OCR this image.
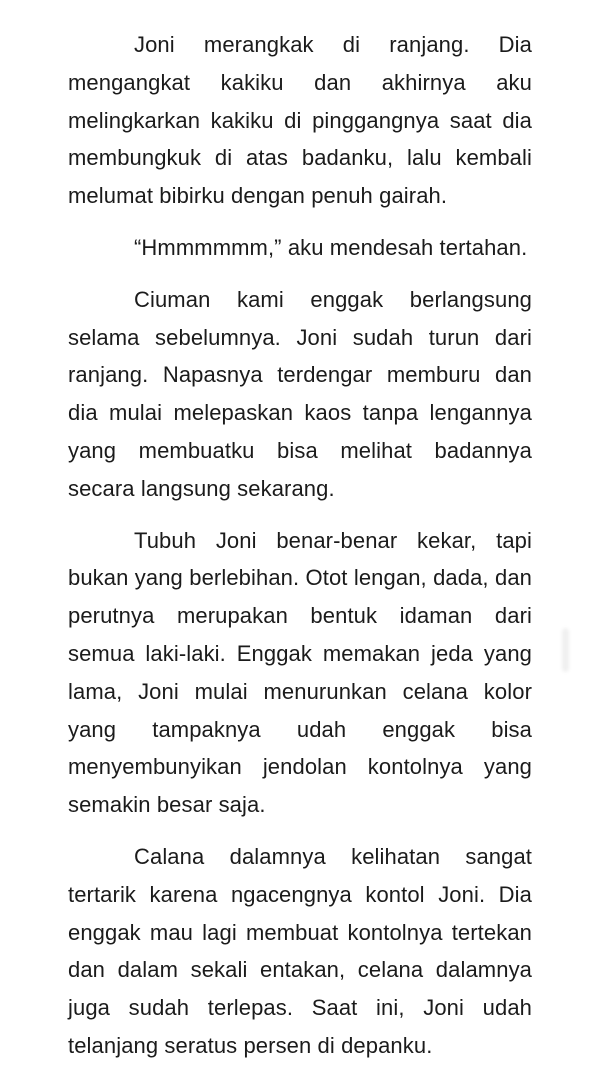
Joni merangkak di ranjang. Dia mengangkat kakiku dan akhirnya aku melingkarkan kakiku di pinggangnya saat dia membungkuk di atas badanku, lalu kembali melumat bibirku dengan penuh gairah.

“Hmmmmmm,” aku mendesah tertahan.

Ciuman kami enggak berlangsung selama sebelumnya. Joni sudah turun dari ranjang. Napasnya terdengar memburu dan dia mulai melepaskan kaos tanpa lengannya yang membuatku bisa melihat badannya secara langsung sekarang.

Tubuh Joni benar-benar kekar, tapi bukan yang berlebihan. Otot lengan, dada, dan perutnya merupakan bentuk idaman dari semua laki-laki. Enggak memakan jeda yang lama, Joni mulai menurunkan celana kolor yang tampaknya udah enggak bisa menyembunyikan jendolan kontolnya yang semakin besar saja.

Calana dalamnya kelihatan sangat tertarik karena ngacengnya kontol Joni. Dia enggak mau lagi membuat kontolnya tertekan dan dalam sekali entakan, celana dalamnya juga sudah terlepas. Saat ini, Joni udah telanjang seratus persen di depanku.
